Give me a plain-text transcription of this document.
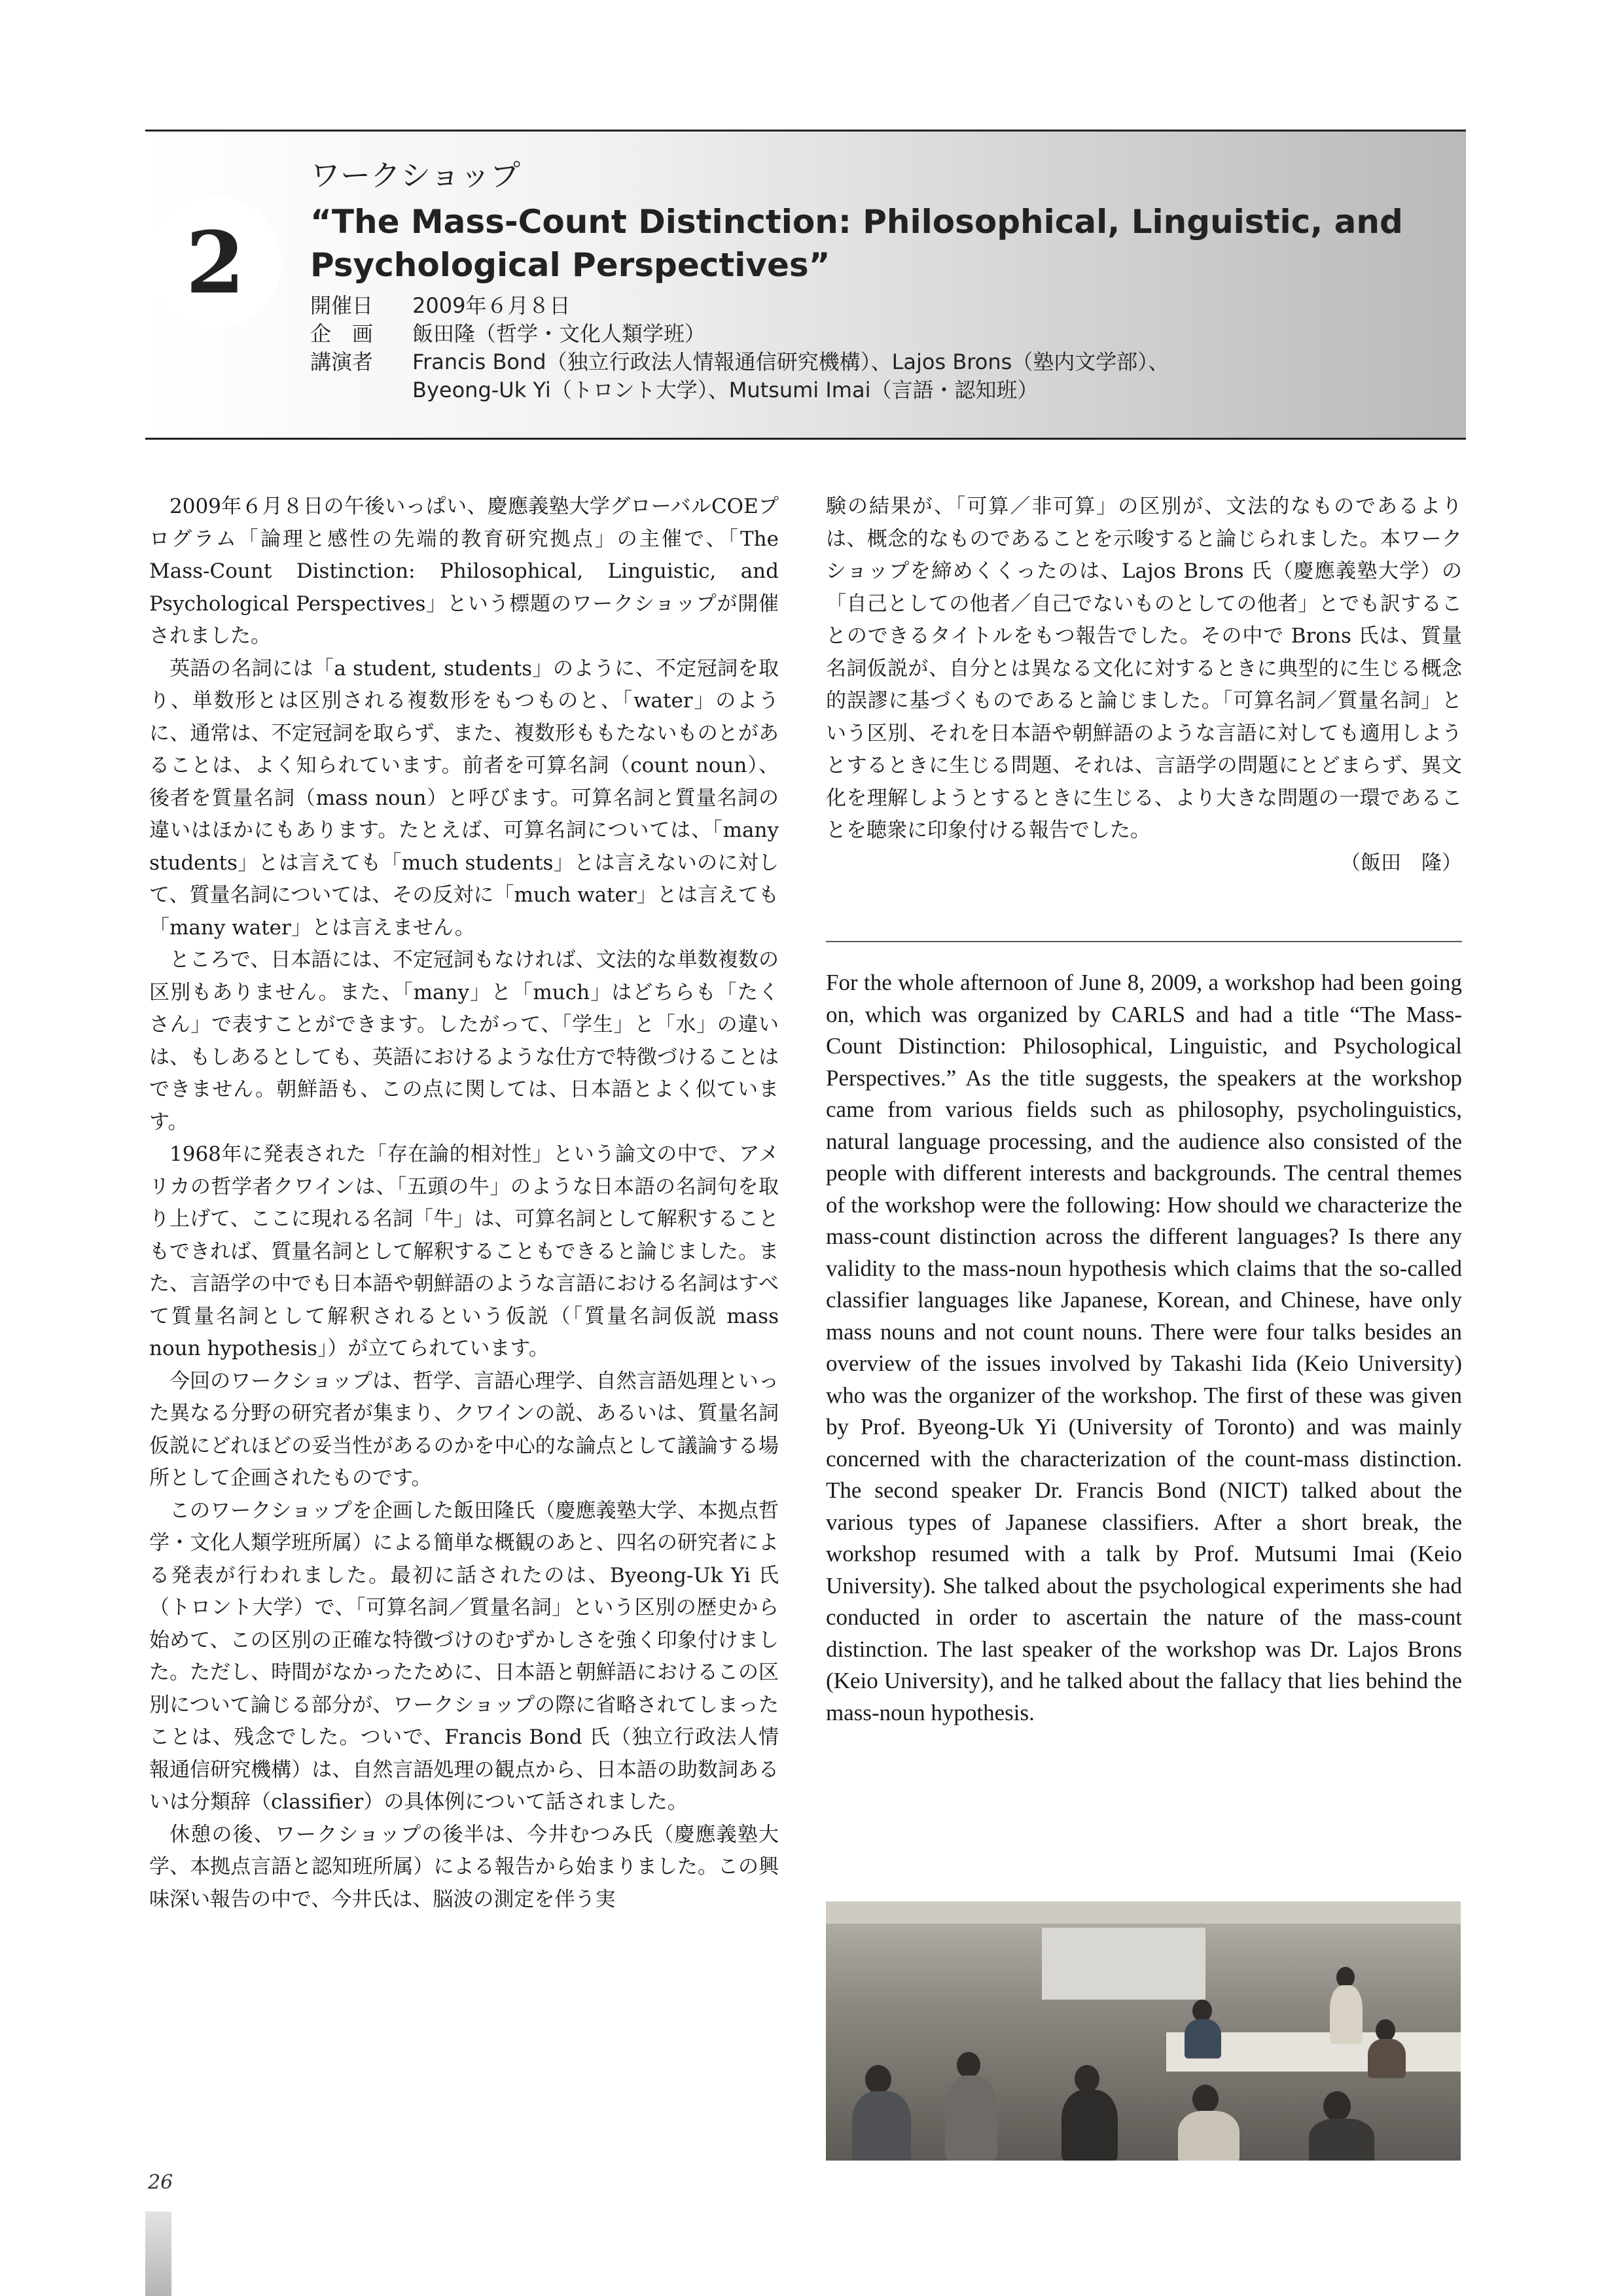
2
ワークショップ
“The Mass-Count Distinction: Philosophical, Linguistic, and Psychological Perspectives”
開催日	2009年６月８日
企　画	飯田隆（哲学・文化人類学班）
講演者	Francis Bond（独立行政法人情報通信研究機構）、Lajos Brons（塾内文学部）、
Byeong-Uk Yi（トロント大学）、Mutsumi Imai（言語・認知班）

2009年６月８日の午後いっぱい、慶應義塾大学グローバルCOEプログラム「論理と感性の先端的教育研究拠点」の主催で、「The Mass-Count Distinction: Philosophical, Linguistic, and Psychological Perspectives」という標題のワークショップが開催されました。

英語の名詞には「a student, students」のように、不定冠詞を取り、単数形とは区別される複数形をもつものと、「water」のように、通常は、不定冠詞を取らず、また、複数形ももたないものとがあることは、よく知られています。前者を可算名詞（count noun）、後者を質量名詞（mass noun）と呼びます。可算名詞と質量名詞の違いはほかにもあります。たとえば、可算名詞については、「many students」とは言えても「much students」とは言えないのに対して、質量名詞については、その反対に「much water」とは言えても「many water」とは言えません。

ところで、日本語には、不定冠詞もなければ、文法的な単数複数の区別もありません。また、「many」と「much」はどちらも「たくさん」で表すことができます。したがって、「学生」と「水」の違いは、もしあるとしても、英語におけるような仕方で特徴づけることはできません。朝鮮語も、この点に関しては、日本語とよく似ています。

1968年に発表された「存在論的相対性」という論文の中で、アメリカの哲学者クワインは、「五頭の牛」のような日本語の名詞句を取り上げて、ここに現れる名詞「牛」は、可算名詞として解釈することもできれば、質量名詞として解釈することもできると論じました。また、言語学の中でも日本語や朝鮮語のような言語における名詞はすべて質量名詞として解釈されるという仮説（「質量名詞仮説 mass noun hypothesis」）が立てられています。

今回のワークショップは、哲学、言語心理学、自然言語処理といった異なる分野の研究者が集まり、クワインの説、あるいは、質量名詞仮説にどれほどの妥当性があるのかを中心的な論点として議論する場所として企画されたものです。

このワークショップを企画した飯田隆氏（慶應義塾大学、本拠点哲学・文化人類学班所属）による簡単な概観のあと、四名の研究者による発表が行われました。最初に話されたのは、Byeong-Uk Yi 氏（トロント大学）で、「可算名詞／質量名詞」という区別の歴史から始めて、この区別の正確な特徴づけのむずかしさを強く印象付けました。ただし、時間がなかったために、日本語と朝鮮語におけるこの区別について論じる部分が、ワークショップの際に省略されてしまったことは、残念でした。ついで、Francis Bond 氏（独立行政法人情報通信研究機構）は、自然言語処理の観点から、日本語の助数詞あるいは分類辞（classifier）の具体例について話されました。

休憩の後、ワークショップの後半は、今井むつみ氏（慶應義塾大学、本拠点言語と認知班所属）による報告から始まりました。この興味深い報告の中で、今井氏は、脳波の測定を伴う実

験の結果が、「可算／非可算」の区別が、文法的なものであるよりは、概念的なものであることを示唆すると論じられました。本ワークショップを締めくくったのは、Lajos Brons 氏（慶應義塾大学）の「自己としての他者／自己でないものとしての他者」とでも訳することのできるタイトルをもつ報告でした。その中で Brons 氏は、質量名詞仮説が、自分とは異なる文化に対するときに典型的に生じる概念的誤謬に基づくものであると論じました。「可算名詞／質量名詞」という区別、それを日本語や朝鮮語のような言語に対しても適用しようとするときに生じる問題、それは、言語学の問題にとどまらず、異文化を理解しようとするときに生じる、より大きな問題の一環であることを聴衆に印象付ける報告でした。

（飯田　隆）

For the whole afternoon of June 8, 2009, a workshop had been going on, which was organized by CARLS and had a title “The Mass-Count Distinction: Philosophical, Linguistic, and Psychological Perspectives.” As the title suggests, the speakers at the workshop came from various fields such as philosophy, psycholinguistics, natural language processing, and the audience also consisted of the people with different interests and backgrounds. The central themes of the workshop were the following: How should we characterize the mass-count distinction across the different languages? Is there any validity to the mass-noun hypothesis which claims that the so-called classifier languages like Japanese, Korean, and Chinese, have only mass nouns and not count nouns. There were four talks besides an overview of the issues involved by Takashi Iida (Keio University) who was the organizer of the workshop. The first of these was given by Prof. Byeong-Uk Yi (University of Toronto) and was mainly concerned with the characterization of the count-mass distinction. The second speaker Dr. Francis Bond (NICT) talked about the various types of Japanese classifiers. After a short break, the workshop resumed with a talk by Prof. Mutsumi Imai (Keio University). She talked about the psychological experiments she had conducted in order to ascertain the nature of the mass-count distinction. The last speaker of the workshop was Dr. Lajos Brons (Keio University), and he talked about the fallacy that lies behind the mass-noun hypothesis.

26
